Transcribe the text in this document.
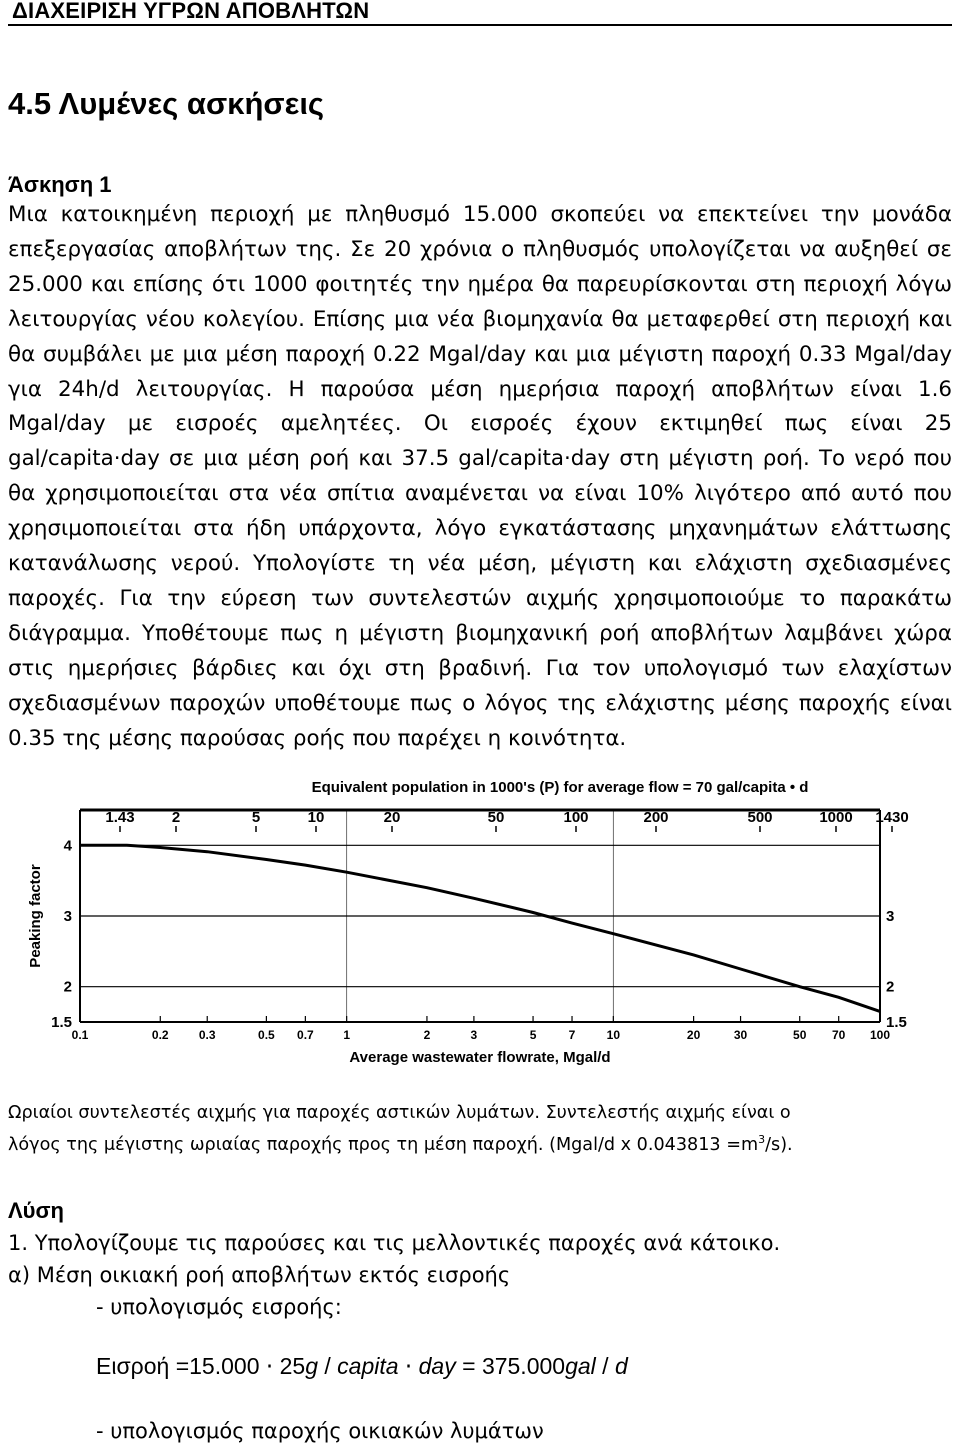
ΔΙΑΧΕΙΡΙΣΗ ΥΓΡΩΝ ΑΠΟΒΛΗΤΩΝ
4.5 Λυμένες ασκήσεις
Άσκηση 1

Μια κατοικημένη περιοχή με πληθυσμό 15.000 σκοπεύει να επεκτείνει την μονάδα επεξεργασίας αποβλήτων της. Σε 20 χρόνια ο πληθυσμός υπολογίζεται να αυξηθεί σε 25.000 και επίσης ότι 1000 φοιτητές την ημέρα θα παρευρίσκονται στη περιοχή λόγω λειτουργίας νέου κολεγίου. Επίσης μια νέα βιομηχανία θα μεταφερθεί στη περιοχή και θα συμβάλει με μια μέση παροχή 0.22 Mgal/day και μια μέγιστη παροχή 0.33 Mgal/day για 24h/d λειτουργίας. Η παρούσα μέση ημερήσια παροχή αποβλήτων είναι 1.6 Mgal/day με εισροές αμελητέες. Οι εισροές έχουν εκτιμηθεί πως είναι 25 gal/capita·day σε μια μέση ροή και 37.5 gal/capita·day στη μέγιστη ροή. Το νερό που θα χρησιμοποιείται στα νέα σπίτια αναμένεται να είναι 10% λιγότερο από αυτό που χρησιμοποιείται στα ήδη υπάρχοντα, λόγο εγκατάστασης μηχανημάτων ελάττωσης κατανάλωσης νερού. Υπολογίστε τη νέα μέση, μέγιστη και ελάχιστη σχεδιασμένες παροχές. Για την εύρεση των συντελεστών αιχμής χρησιμοποιούμε το παρακάτω διάγραμμα. Υποθέτουμε πως η μέγιστη βιομηχανική ροή αποβλήτων λαμβάνει χώρα στις ημερήσιες βάρδιες και όχι στη βραδινή. Για τον υπολογισμό των ελαχίστων σχεδιασμένων παροχών υποθέτουμε πως ο λόγος της ελάχιστης μέσης παροχής είναι 0.35 της μέσης παρούσας ροής που παρέχει η κοινότητα.

Equivalent population in 1000's (P) for average flow = 70 gal/capita • d
1.43 2	5	10	20	50	100	200	500	1000 1430
4
3
2
1.5
3
2
1.5
Peaking factor
0.1	0.2	0.3	0.5 0.7 1	2	3	5	7	10	20	30	50 70 100
Average wastewater flowrate, Mgal/d

Ωριαίοι συντελεστές αιχμής για παροχές αστικών λυμάτων. Συντελεστής αιχμής είναι ο

λόγος της μέγιστης ωριαίας παροχής προς τη μέση παροχή. (Mgal/d x $0.043813 =m^3/s$).

Λύση
1. Υπολογίζουμε τις παρούσες και τις μελλοντικές παροχές ανά κάτοικο.
α) Μέση οικιακή ροή αποβλήτων εκτός εισροής
- υπολογισμός εισροής:
Εισροή =15.000 ⋅ 25g / capita ⋅ day = 375.000gal / d
- υπολογισμός παροχής οικιακών λυμάτων
